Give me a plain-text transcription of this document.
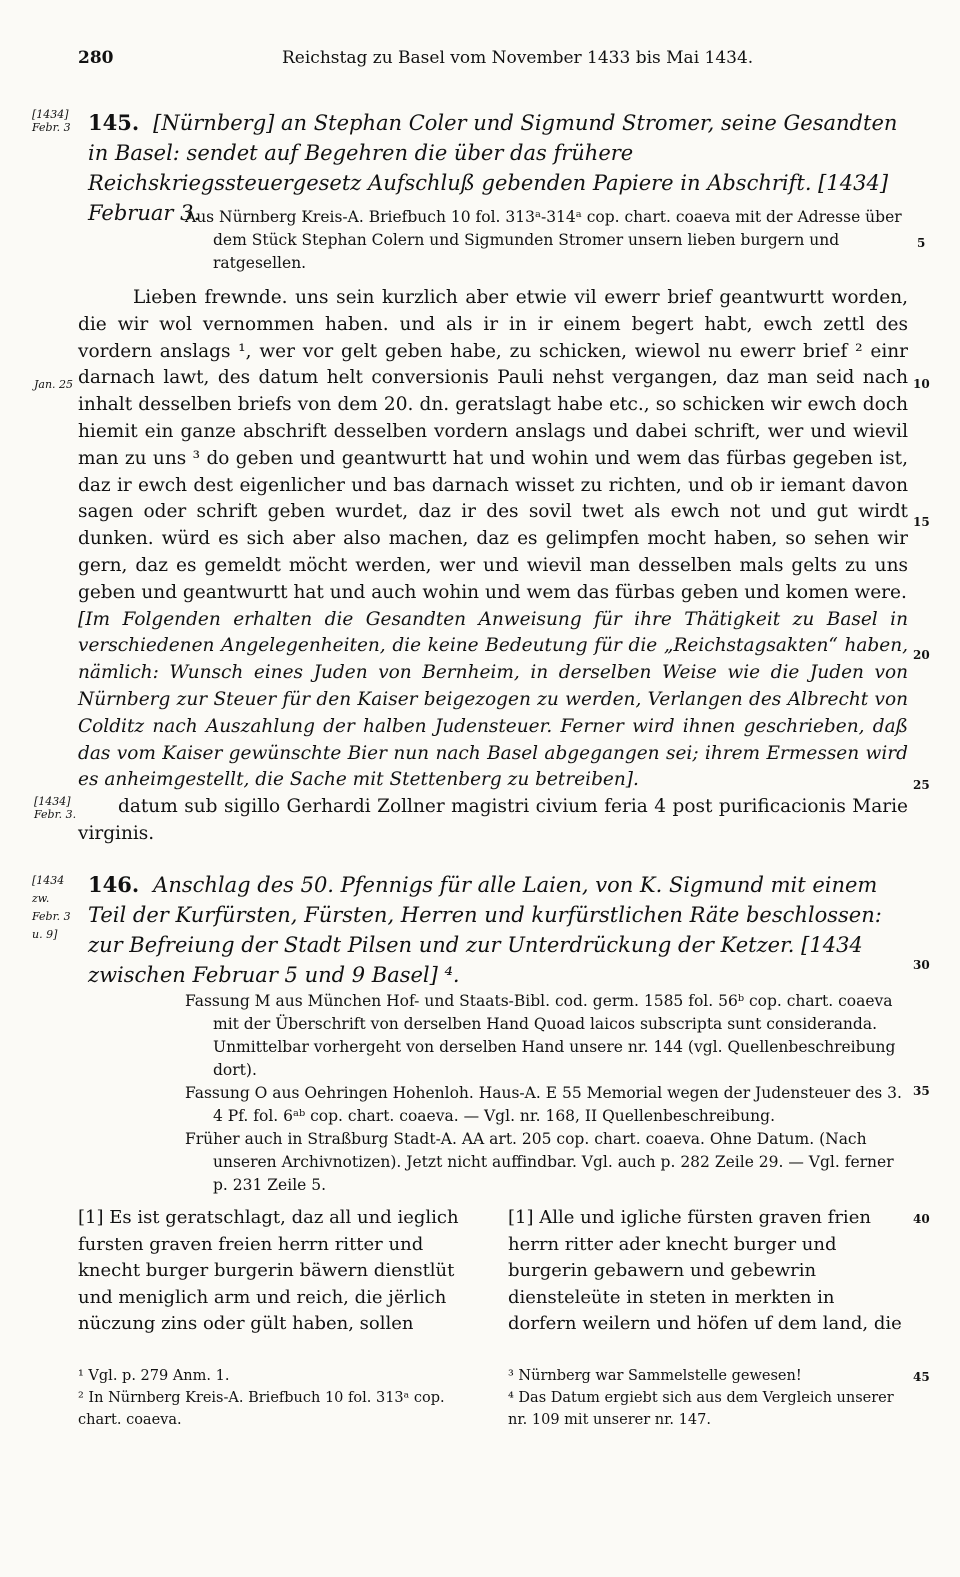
280	Reichstag zu Basel vom November 1433 bis Mai 1434.
[1434] Febr. 3 145. [Nürnberg] an Stephan Coler und Sigmund Stromer, seine Gesandten in Basel: sendet auf Begehren die über das frühere Reichskriegssteuergesetz Aufschluß gebenden Papiere in Abschrift. [1434] Februar 3.

Aus Nürnberg Kreis-A. Briefbuch 10 fol. 313ᵃ-314ᵃ cop. chart. coaeva mit der Adresse über dem Stück Stephan Colern und Sigmunden Stromer unsern lieben burgern und ratgesellen.

Lieben frewnde. uns sein kurzlich aber etwie vil ewerr brief geantwurtt worden, die wir wol vernommen haben. und als ir in ir einem begert habt, ewch zettl des vordern anslags ¹, wer vor gelt geben habe, zu schicken, wiewol nu ewerr brief ² einr darnach lawt, des datum helt conversionis Pauli nehst vergangen, daz man seid nach inhalt desselben briefs von dem 20. dn. geratslagt habe etc., so schicken wir ewch doch hiemit ein ganze abschrift desselben vordern anslags und dabei schrift, wer und wievil man zu uns ³ do geben und geantwurtt hat und wohin und wem das fürbas gegeben ist, daz ir ewch dest eigenlicher und bas darnach wisset zu richten, und ob ir iemant davon sagen oder schrift geben wurdet, daz ir des sovil twet als ewch not und gut wirdt dunken. würd es sich aber also machen, daz es gelimpfen mocht haben, so sehen wir gern, daz es gemeldt möcht werden, wer und wievil man desselben mals gelts zu uns geben und geantwurtt hat und auch wohin und wem das fürbas geben und komen were.

[Im Folgenden erhalten die Gesandten Anweisung für ihre Thätigkeit zu Basel in verschiedenen Angelegenheiten, die keine Bedeutung für die „Reichstagsakten“ haben, nämlich: Wunsch eines Juden von Bernheim, in derselben Weise wie die Juden von Nürnberg zur Steuer für den Kaiser beigezogen zu werden, Verlangen des Albrecht von Colditz nach Auszahlung der halben Judensteuer. Ferner wird ihnen geschrieben, daß das vom Kaiser gewünschte Bier nun nach Basel abgegangen sei; ihrem Ermessen wird es anheimgestellt, die Sache mit Stettenberg zu betreiben].

datum sub sigillo Gerhardi Zollner magistri civium feria 4 post purificacionis Marie virginis.

Jan. 25
[1434] Febr. 3.
[1434 zw. Febr. 3 u. 9]
146. Anschlag des 50. Pfennigs für alle Laien, von K. Sigmund mit einem Teil der Kurfürsten, Fürsten, Herren und kurfürstlichen Räte beschlossen: zur Befreiung der Stadt Pilsen und zur Unterdrückung der Ketzer. [1434 zwischen Februar 5 und 9 Basel] ⁴.

Fassung M aus München Hof- und Staats-Bibl. cod. germ. 1585 fol. 56ᵇ cop. chart. coaeva mit der Überschrift von derselben Hand Quoad laicos subscripta sunt consideranda. Unmittelbar vorhergeht von derselben Hand unsere nr. 144 (vgl. Quellenbeschreibung dort).

Fassung O aus Oehringen Hohenloh. Haus-A. E 55 Memorial wegen der Judensteuer des 3. 4 Pf. fol. 6ᵃᵇ cop. chart. coaeva. — Vgl. nr. 168, II Quellenbeschreibung.

Früher auch in Straßburg Stadt-A. AA art. 205 cop. chart. coaeva. Ohne Datum. (Nach unseren Archivnotizen). Jetzt nicht auffindbar. Vgl. auch p. 282 Zeile 29. — Vgl. ferner p. 231 Zeile 5.

[1] Es ist geratschlagt, daz all und ieglich fursten graven freien herrn ritter und knecht burger burgerin bäwern dienstlüt und meniglich arm und reich, die jërlich nüczung zins oder gült haben, sollen
[1] Alle und igliche fürsten graven frien herrn ritter ader knecht burger und burgerin gebawern und gebewrin diensteleüte in steten in merkten in dorfern weilern und höfen uf dem land, die
5
10
15
20
25
30
35
40
45
¹ Vgl. p. 279 Anm. 1.
² In Nürnberg Kreis-A. Briefbuch 10 fol. 313ᵃ cop. chart. coaeva.
³ Nürnberg war Sammelstelle gewesen!
⁴ Das Datum ergiebt sich aus dem Vergleich unserer nr. 109 mit unserer nr. 147.
